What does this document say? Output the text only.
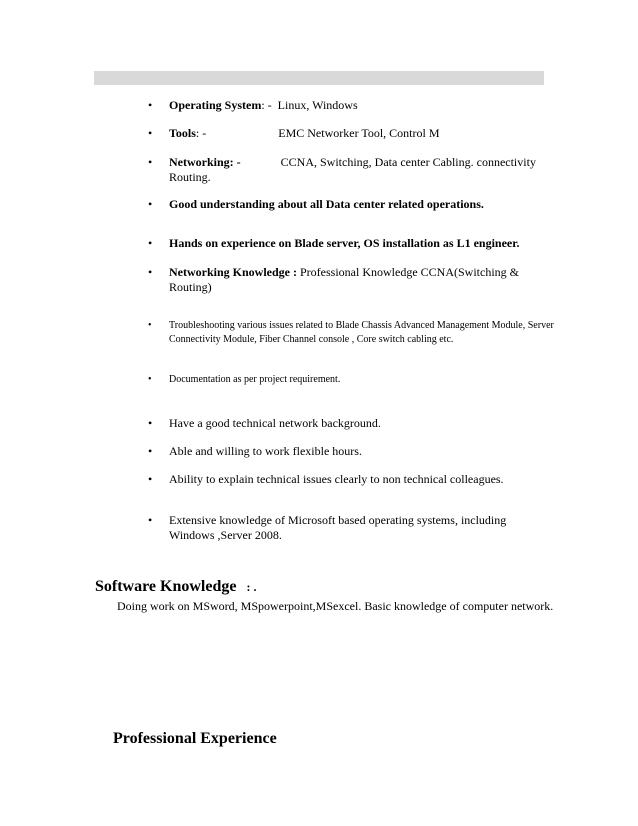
•	Operating System: - Linux, Windows
•	Tools: -	EMC Networker Tool, Control M
•	Networking: -	CCNA, Switching, Data center Cabling. connectivity
Routing.
•	Good understanding about all Data center related operations.
•	Hands on experience on Blade server, OS installation as L1 engineer.
•	Networking Knowledge : Professional Knowledge CCNA(Switching &
Routing)
•	Troubleshooting various issues related to Blade Chassis Advanced Management Module, Server Connectivity Module, Fiber Channel console , Core switch cabling etc.
•	Documentation as per project requirement.
•	Have a good technical network background.
•	Able and willing to work flexible hours.
•	Ability to explain technical issues clearly to non technical colleagues.
•	Extensive knowledge of Microsoft based operating systems, including Windows ,Server 2008.
Software Knowledge : .
Doing work on MSword, MSpowerpoint,MSexcel. Basic knowledge of computer network.
Professional Experience
